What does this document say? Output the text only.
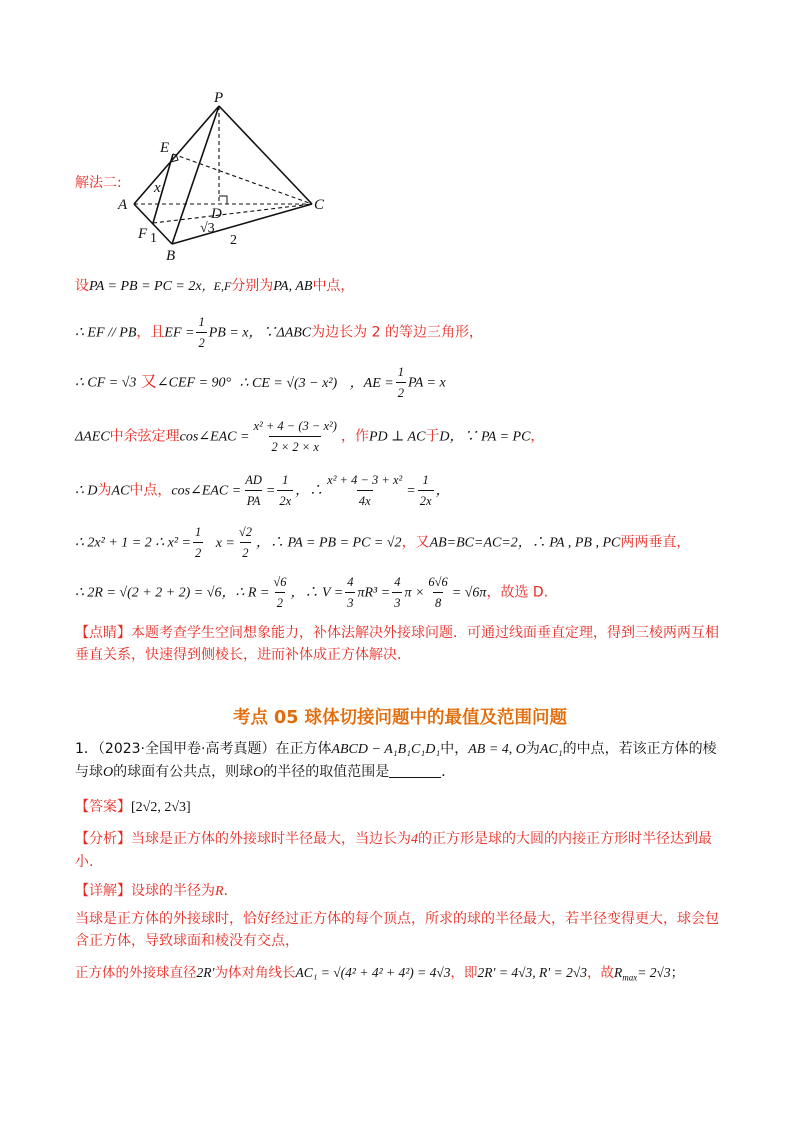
解法二:
P
E
A
D
C
F
B
x
1
√3
2
设PA = PB = PC = 2x，E,F分别为PA, AB中点，
∴ EF // PB，且EF = $\frac{1}{2}$ PB = x，∵ΔABC为边长为 2 的等边三角形，
∴ CF = √3 又∠CEF = 90° ∴ CE = √(3 − x²) ，AE = $\frac{1}{2}$ PA = x
ΔAEC中余弦定理cos∠EAC = $\frac{\text{x² + 4 − (3 − x²)}}{2 \times 2 \times x}$ ，作PD ⊥ AC于D，∵ PA = PC，
∴ D为AC中点，cos∠EAC = $\frac{AD}{PA} = \frac{1}{2x}$ ，∴ $\frac{\text{x² + 4 − 3 + x²}}{4x} = \frac{1}{2x}$ ，
∴ 2x² + 1 = 2 ∴ $x^2 = \frac{1}{2}$ $x = \frac{√2}{2}$ ，∴ PA = PB = PC = √2，又AB=BC=AC=2，∴ PA , PB , PC两两垂直，
∴ 2R = √(2 + 2 + 2) = √6，∴ $R = \frac{√6}{2}$ ，∴ $V = \frac{4}{3} \pi R^3 = \frac{4}{3}$ $\pi \times \frac{6√6}{8} = √6\pi$，故选 D.
【点睛】本题考查学生空间想象能力，补体法解决外接球问题．可通过线面垂直定理，得到三棱两两互相垂直关系，快速得到侧棱长，进而补体成正方体解决．
考点 05 球体切接问题中的最值及范围问题
1．（2023·全国甲卷·高考真题）在正方体ABCD − A₁B₁C₁D₁中，AB = 4, O为AC₁的中点，若该正方体的棱与球O的球面有公共点，则球O的半径的取值范围是	．
【答案】[2√2, 2√3]
【分析】当球是正方体的外接球时半径最大，当边长为4的正方形是球的大圆的内接正方形时半径达到最小.
【详解】设球的半径为R．
当球是正方体的外接球时，恰好经过正方体的每个顶点，所求的球的半径最大，若半径变得更大，球会包含正方体，导致球面和棱没有交点，
正方体的外接球直径2R′为体对角线长AC₁ = √(4² + 4² + 4²) = 4√3，即2R′ = 4√3, R′ = 2√3，故$R_{max}= 2√3$；
